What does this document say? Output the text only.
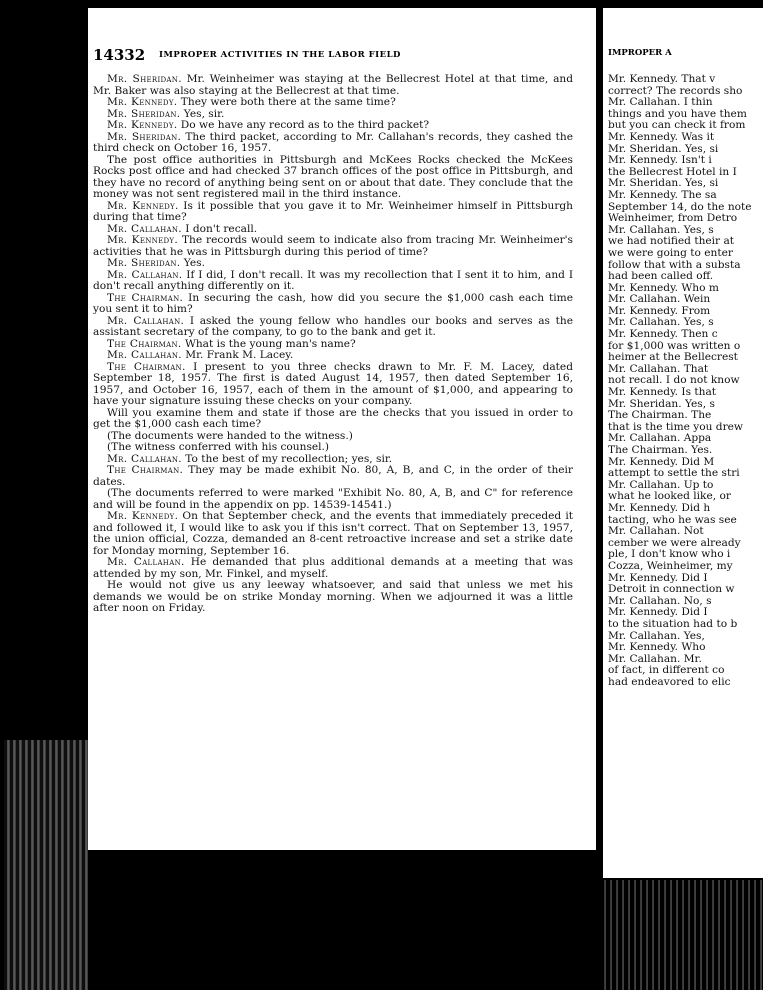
14332 IMPROPER ACTIVITIES IN THE LABOR FIELD

Mr. Sheridan. Mr. Weinheimer was staying at the Bellecrest Hotel at that time, and Mr. Baker was also staying at the Bellecrest at that time.

Mr. Kennedy. They were both there at the same time?

Mr. Sheridan. Yes, sir.

Mr. Kennedy. Do we have any record as to the third packet?

Mr. Sheridan. The third packet, according to Mr. Callahan's records, they cashed the third check on October 16, 1957.

The post office authorities in Pittsburgh and McKees Rocks checked the McKees Rocks post office and had checked 37 branch offices of the post office in Pittsburgh, and they have no record of anything being sent on or about that date. They conclude that the money was not sent registered mail in the third instance.

Mr. Kennedy. Is it possible that you gave it to Mr. Weinheimer himself in Pittsburgh during that time?

Mr. Callahan. I don't recall.

Mr. Kennedy. The records would seem to indicate also from tracing Mr. Weinheimer's activities that he was in Pittsburgh during this period of time?

Mr. Sheridan. Yes.

Mr. Callahan. If I did, I don't recall. It was my recollection that I sent it to him, and I don't recall anything differently on it.

The Chairman. In securing the cash, how did you secure the $1,000 cash each time you sent it to him?

Mr. Callahan. I asked the young fellow who handles our books and serves as the assistant secretary of the company, to go to the bank and get it.

The Chairman. What is the young man's name?

Mr. Callahan. Mr. Frank M. Lacey.

The Chairman. I present to you three checks drawn to Mr. F. M. Lacey, dated September 18, 1957. The first is dated August 14, 1957, then dated September 16, 1957, and October 16, 1957, each of them in the amount of $1,000, and appearing to have your signature issuing these checks on your company.

Will you examine them and state if those are the checks that you issued in order to get the $1,000 cash each time?

(The documents were handed to the witness.)

(The witness conferred with his counsel.)

Mr. Callahan. To the best of my recollection; yes, sir.

The Chairman. They may be made exhibit No. 80, A, B, and C, in the order of their dates.

(The documents referred to were marked "Exhibit No. 80, A, B, and C" for reference and will be found in the appendix on pp. 14539-14541.)

Mr. Kennedy. On that September check, and the events that immediately preceded it and followed it, I would like to ask you if this isn't correct. That on September 13, 1957, the union official, Cozza, demanded an 8-cent retroactive increase and set a strike date for Monday morning, September 16.

Mr. Callahan. He demanded that plus additional demands at a meeting that was attended by my son, Mr. Finkel, and myself.

He would not give us any leeway whatsoever, and said that unless we met his demands we would be on strike Monday morning. When we adjourned it was a little after noon on Friday.

IMPROPER A
Mr. Kennedy. That v
correct? The records sho
Mr. Callahan. I thin
things and you have them
but you can check it from
Mr. Kennedy. Was it
Mr. Sheridan. Yes, si
Mr. Kennedy. Isn't i
the Bellecrest Hotel in I
Mr. Sheridan. Yes, si
Mr. Kennedy. The sa
September 14, do the note
Weinheimer, from Detro
Mr. Callahan. Yes, s
we had notified their at
we were going to enter
follow that with a substa
had been called off.
Mr. Kennedy. Who m
Mr. Callahan. Wein
Mr. Kennedy. From
Mr. Callahan. Yes, s
Mr. Kennedy. Then c
for $1,000 was written o
heimer at the Bellecrest
Mr. Callahan. That
not recall. I do not know
Mr. Kennedy. Is that
Mr. Sheridan. Yes, s
The Chairman. The
that is the time you drew
Mr. Callahan. Appa
The Chairman. Yes.
Mr. Kennedy. Did M
attempt to settle the stri
Mr. Callahan. Up to
what he looked like, or
Mr. Kennedy. Did h
tacting, who he was see
Mr. Callahan. Not
cember we were already
ple, I don't know who i
Cozza, Weinheimer, my
Mr. Kennedy. Did I
Detroit in connection w
Mr. Callahan. No, s
Mr. Kennedy. Did I
to the situation had to b
Mr. Callahan. Yes,
Mr. Kennedy. Who
Mr. Callahan. Mr.
of fact, in different co
had endeavored to elic
